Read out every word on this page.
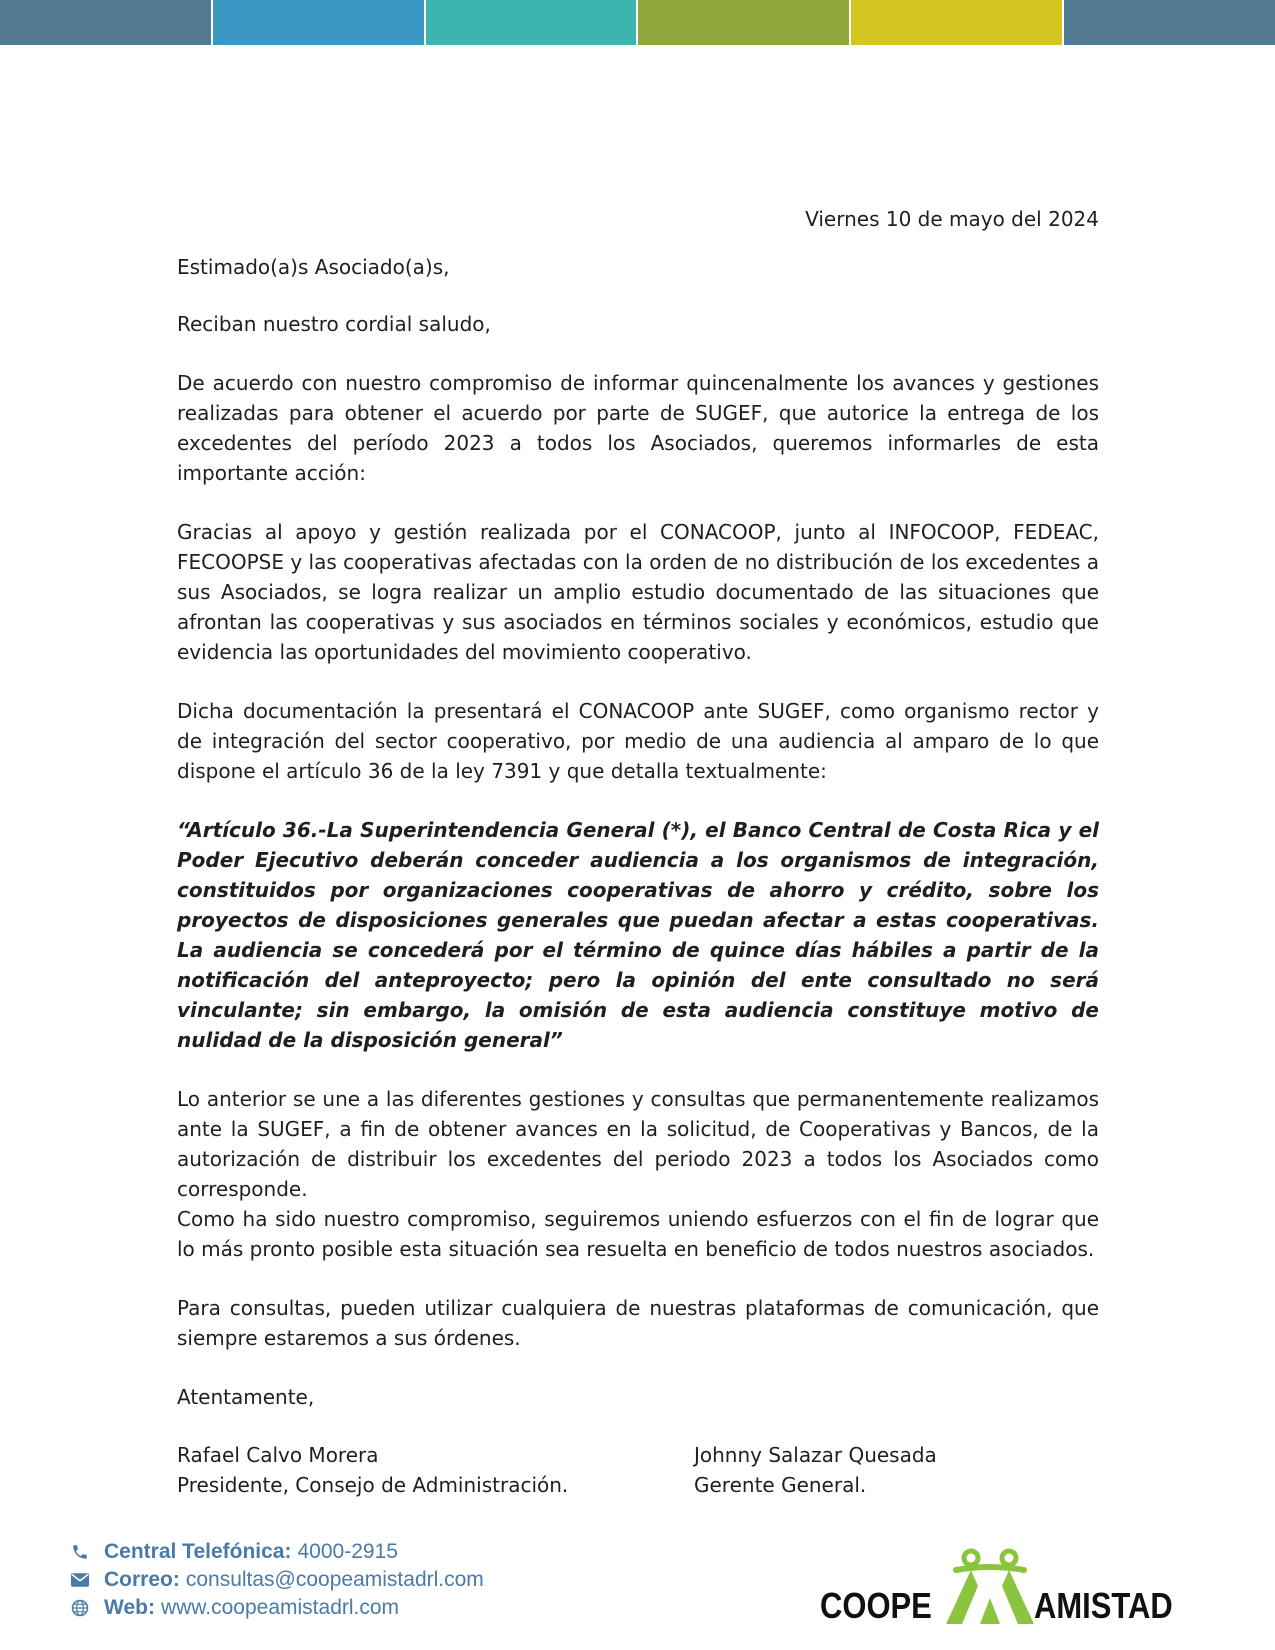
Viernes 10 de mayo del 2024

Estimado(a)s Asociado(a)s,

Reciban nuestro cordial saludo,

De acuerdo con nuestro compromiso de informar quincenalmente los avances y gestiones realizadas para obtener el acuerdo por parte de SUGEF, que autorice la entrega de los excedentes del período 2023 a todos los Asociados, queremos informarles de esta importante acción:

Gracias al apoyo y gestión realizada por el CONACOOP, junto al INFOCOOP, FEDEAC, FECOOPSE y las cooperativas afectadas con la orden de no distribución de los excedentes a sus Asociados, se logra realizar un amplio estudio documentado de las situaciones que afrontan las cooperativas y sus asociados en términos sociales y económicos, estudio que evidencia las oportunidades del movimiento cooperativo.

Dicha documentación la presentará el CONACOOP ante SUGEF, como organismo rector y de integración del sector cooperativo, por medio de una audiencia al amparo de lo que dispone el artículo 36 de la ley 7391 y que detalla textualmente:

“Artículo 36.-La Superintendencia General (*), el Banco Central de Costa Rica y el Poder Ejecutivo deberán conceder audiencia a los organismos de integración, constituidos por organizaciones cooperativas de ahorro y crédito, sobre los proyectos de disposiciones generales que puedan afectar a estas cooperativas. La audiencia se concederá por el término de quince días hábiles a partir de la notificación del anteproyecto; pero la opinión del ente consultado no será vinculante; sin embargo, la omisión de esta audiencia constituye motivo de nulidad de la disposición general”

Lo anterior se une a las diferentes gestiones y consultas que permanentemente realizamos ante la SUGEF, a fin de obtener avances en la solicitud, de Cooperativas y Bancos, de la autorización de distribuir los excedentes del periodo 2023 a todos los Asociados como corresponde.

Como ha sido nuestro compromiso, seguiremos uniendo esfuerzos con el fin de lograr que lo más pronto posible esta situación sea resuelta en beneficio de todos nuestros asociados.

Para consultas, pueden utilizar cualquiera de nuestras plataformas de comunicación, que siempre estaremos a sus órdenes.

Atentamente,

Rafael Calvo Morera
Presidente, Consejo de Administración.
Johnny Salazar Quesada
Gerente General.
Central Telefónica: 4000-2915
Correo: consultas@coopeamistadrl.com
Web: www.coopeamistadrl.com	COOPE	AMISTAD
